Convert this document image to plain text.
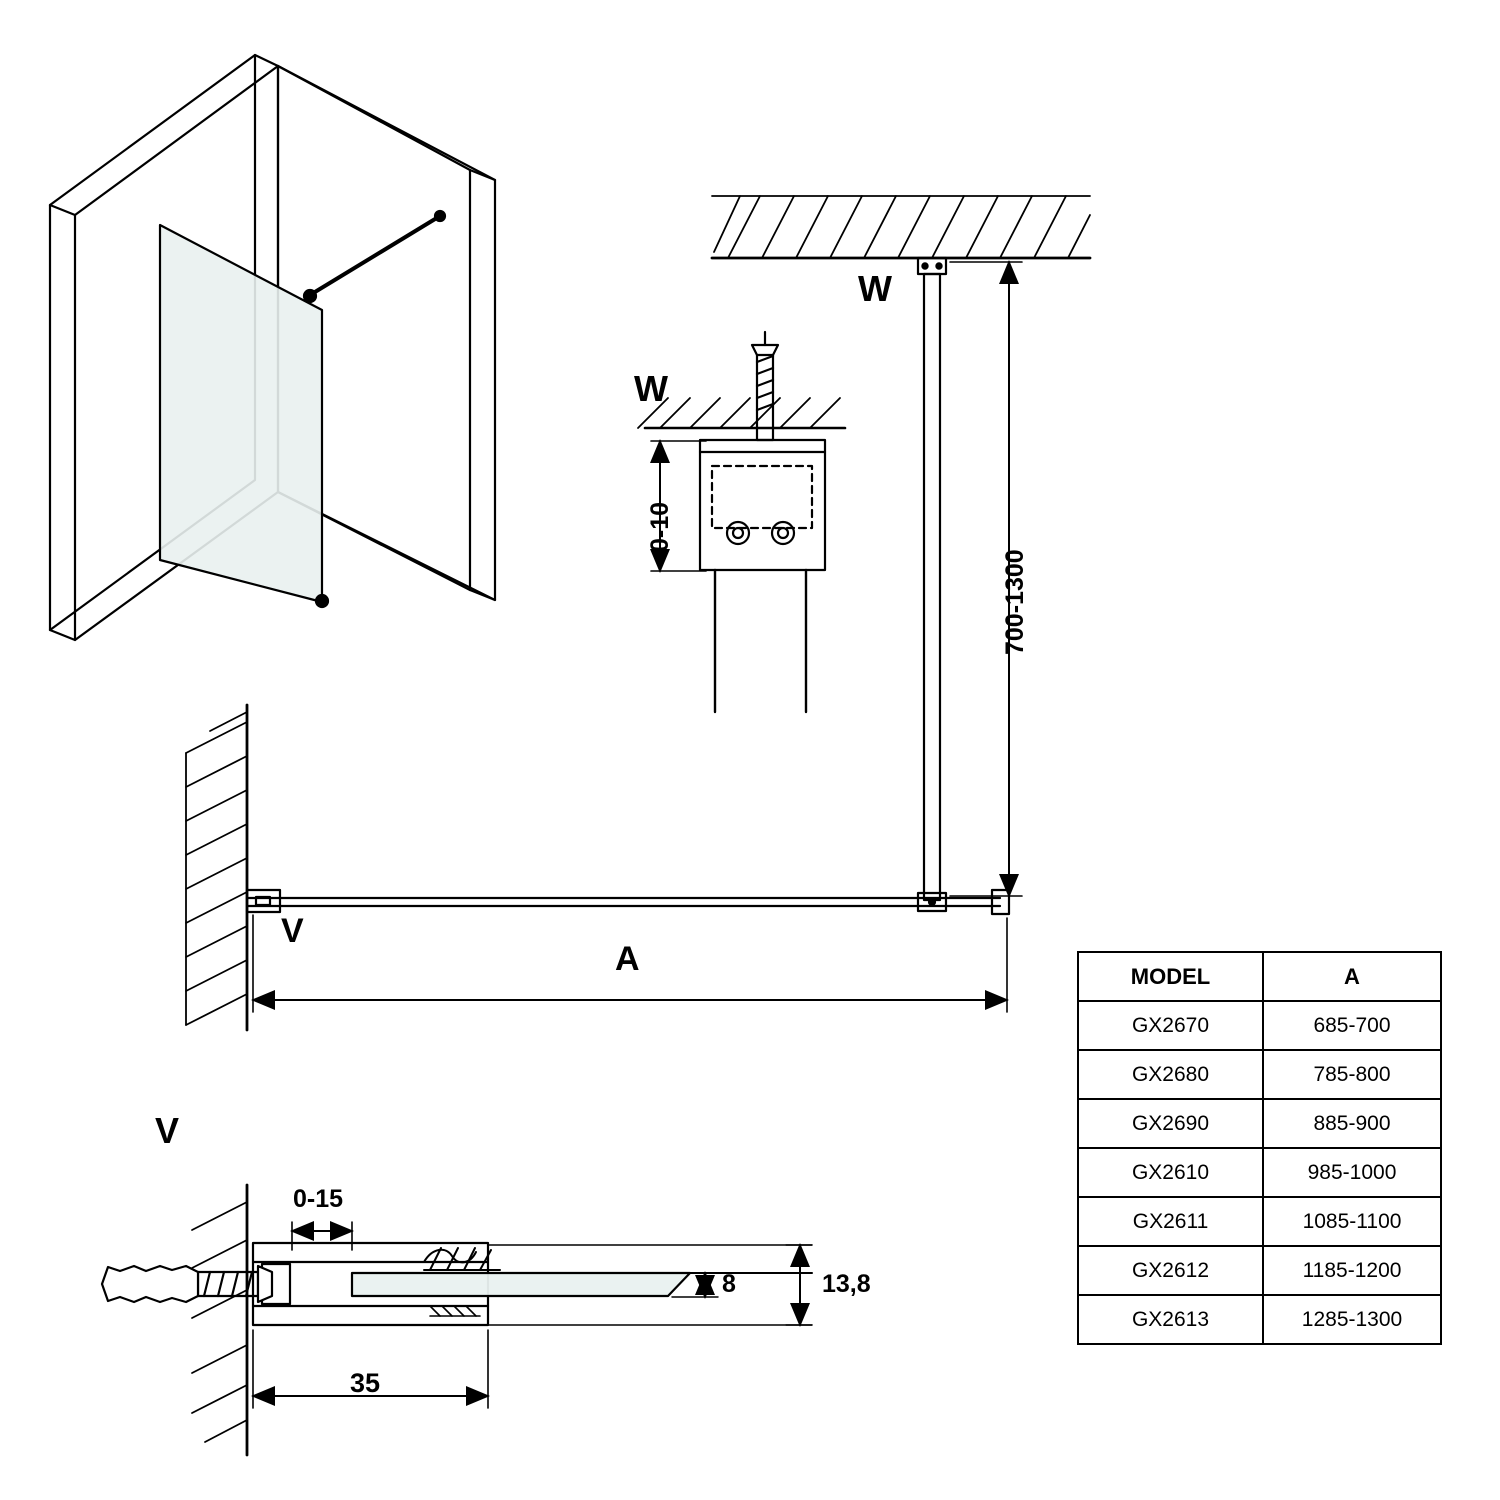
W
W
0-10
700-1300
V
A
V
0-15
35
8	13,8
MODEL	A
GX2670	685-700
GX2680	785-800
GX2690	885-900
GX2610	985-1000
GX2611	1085-1100
GX2612	1185-1200
GX2613	1285-1300
